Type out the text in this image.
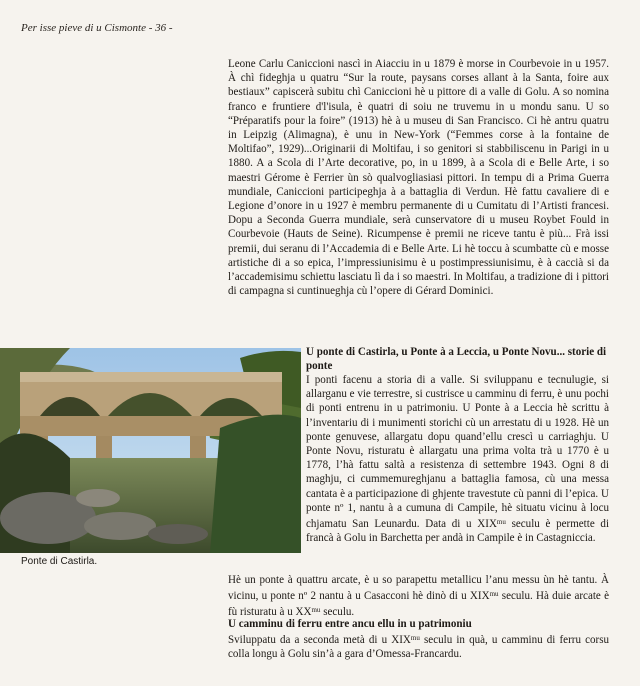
Per isse pieve di u Cismonte - 36 -

Leone Carlu Caniccioni nascì in Aiacciu in u 1879 è morse in Courbevoie in u 1957. À chì fideghja u quatru “Sur la route, paysans corses allant à la Santa, foire aux bestiaux” capiscerà subitu chì Caniccioni hè u pittore di a valle di Golu. A so nomina franco e fruntiere d'l'isula, è quatri di soiu ne truvemu in u mondu sanu. U so “Préparatifs pour la foire” (1913) hè à u museu di San Francisco. Ci hè antru quatru in Leipzig (Alimagna), è unu in New-York (“Femmes corse à la fontaine de Moltifao”, 1929)...Originarii di Moltifau, i so genitori si stabbiliscenu in Parigi in u 1880. A a Scola di l’Arte decorative, po, in u 1899, à a Scola di e Belle Arte, i so maestri Gérome è Ferrier ùn sò qualvogliasiasi pittori. In tempu di a Prima Guerra mundiale, Caniccioni participeghja à a battaglia di Verdun. Hè fattu cavaliere di e Legione d’onore in u 1927 è membru permanente di u Cumitatu di l’Artisti francesi. Dopu a Seconda Guerra mundiale, serà cunservatore di u museu Roybet Fould in Courbevoie (Hauts de Seine). Ricumpense è premii ne riceve tantu è più... Frà issi premii, dui seranu di l’Accademia di e Belle Arte. Li hè toccu à scumbatte cù e mosse artistiche di a so epica, l’impressiunisimu è u postimpressiunisimu, è à caccià si da l’accademisimu schiettu lasciatu lì da i so maestri. In Moltifau, a tradizione di i pittori di campagna si cuntinueghja cù l’opere di Gérard Dominici.

Ponte di Castirla.

U ponte di Castirla, u Ponte à a Leccia, u Ponte Novu... storie di ponte

I ponti facenu a storia di a valle. Si sviluppanu e tecnulugie, si allarganu e vie terrestre, si custrisce u camminu di ferru, è unu pochi di ponti entrenu in u patrimoniu. U Ponte à a Leccia hè scrittu à l’inventariu di i munimenti storichi cù un arrestatu di u 1928. Hè un ponte genuvese, allargatu dopu quand’ellu crescì u carriaghju. U Ponte Novu, risturatu è allargatu una prima volta trà u 1770 è u 1778, l’hà fattu saltà a resistenza di settembre 1943. Ogni 8 di maghju, ci cummemureghjanu a battaglia famosa, cù una messa cantata è a participazione di ghjente travestute cù panni di l’epica. U ponte nº 1, nantu à a cumuna di Campile, hè situatu vicinu à locu chjamatu San Leunardu. Data di u $XIX^{mu}$ seculu è permette di francà à Golu in Barchetta per andà in Campile è in Castagniccia.

Hè un ponte à quattru arcate, è u so parapettu metallicu l’anu messu ùn hè tantu. À vicinu, u ponte nº 2 nantu à u Casacconi hè dinò di u $XIX^{mu}$ seculu. Hà duie arcate è fù risturatu à u $XX^{mu}$ seculu.

U camminu di ferru entre ancu ellu in u patrimoniu

Sviluppatu da a seconda metà di u $XIX^{mu}$ seculu in quà, u camminu di ferru corsu colla longu à Golu sin’à a gara d’Omessa-Francardu.
